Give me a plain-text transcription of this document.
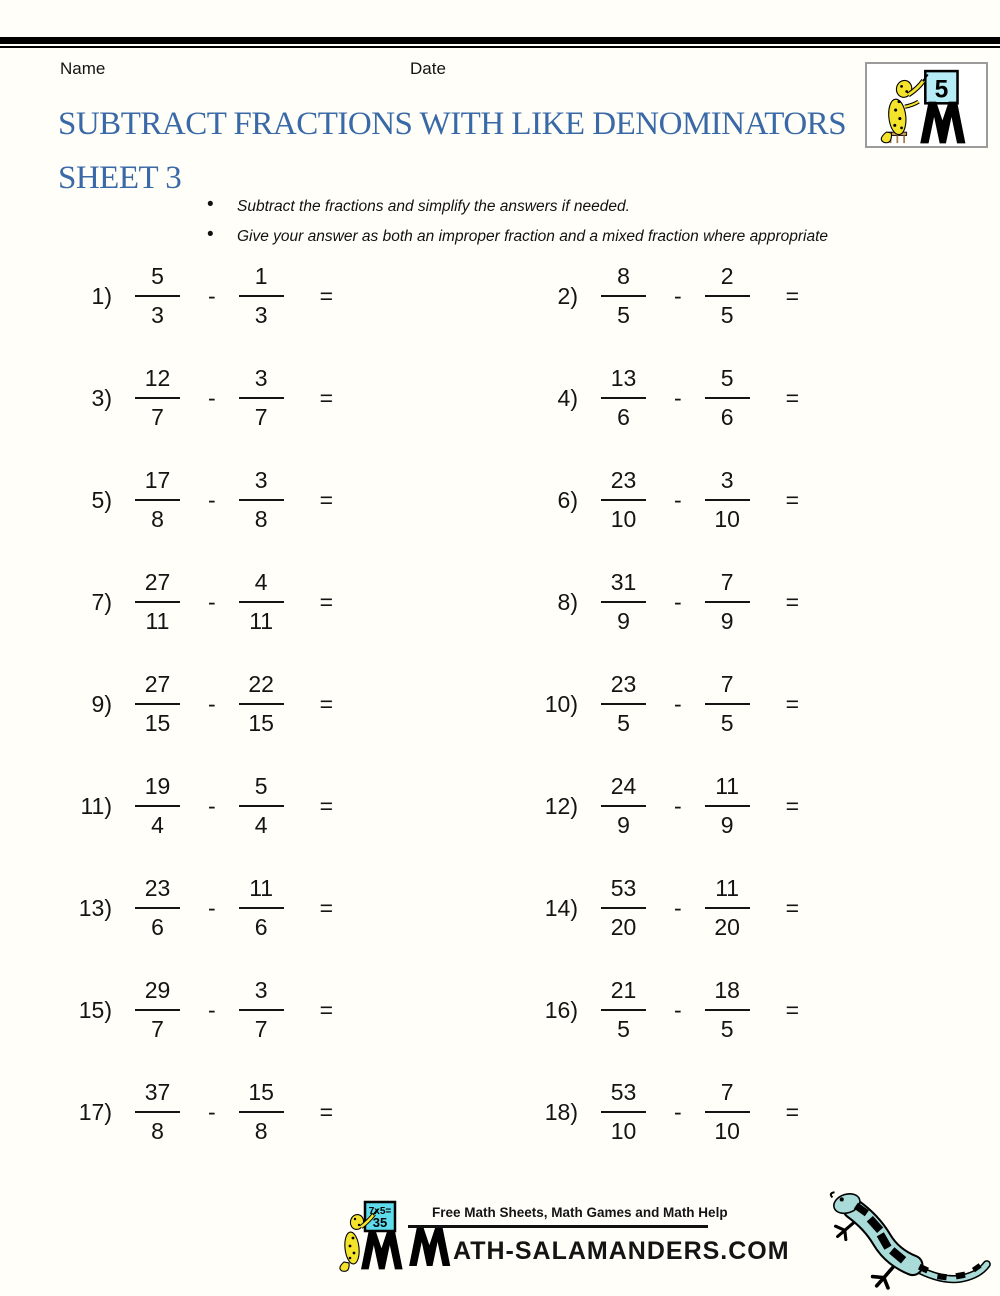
Name	Date
5
SUBTRACT FRACTIONS WITH LIKE DENOMINATORS
SHEET 3
• Subtract the fractions and simplify the answers if needed.
• Give your answer as both an improper fraction and a mixed fraction where appropriate
$1) \frac{5}{3} - \frac{1}{3}$ =	$2) \frac{8}{5} - \frac{2}{5}$ =
$3) \frac{12}{7} - \frac{3}{7}$ =	$4) \frac{13}{6} - \frac{5}{6}$ =
$5) \frac{17}{8} - \frac{3}{8}$ =	$6) \frac{23}{10} - \frac{3}{10}$ =
$7) \frac{27}{11} - \frac{4}{11}$ =	$8) \frac{31}{9} - \frac{7}{9}$ =
$9) \frac{27}{15} - \frac{22}{15}$ =	$10) \frac{23}{5} - \frac{7}{5}$ =
$11) \frac{19}{4} - \frac{5}{4}$ =	$12) \frac{24}{9} - \frac{11}{9}$ =
$13) \frac{23}{6} - \frac{11}{6}$ =	$14) \frac{53}{20} - \frac{11}{20}$ =
$15) \frac{29}{7} - \frac{3}{7}$ =	$16) \frac{21}{5} - \frac{18}{5}$ =
$17) \frac{37}{8} - \frac{15}{8}$ =	$18) \frac{53}{10} - \frac{7}{10}$ =
7x5=
35
Free Math Sheets, Math Games and Math Help
ATH-SALAMANDERS.COM
